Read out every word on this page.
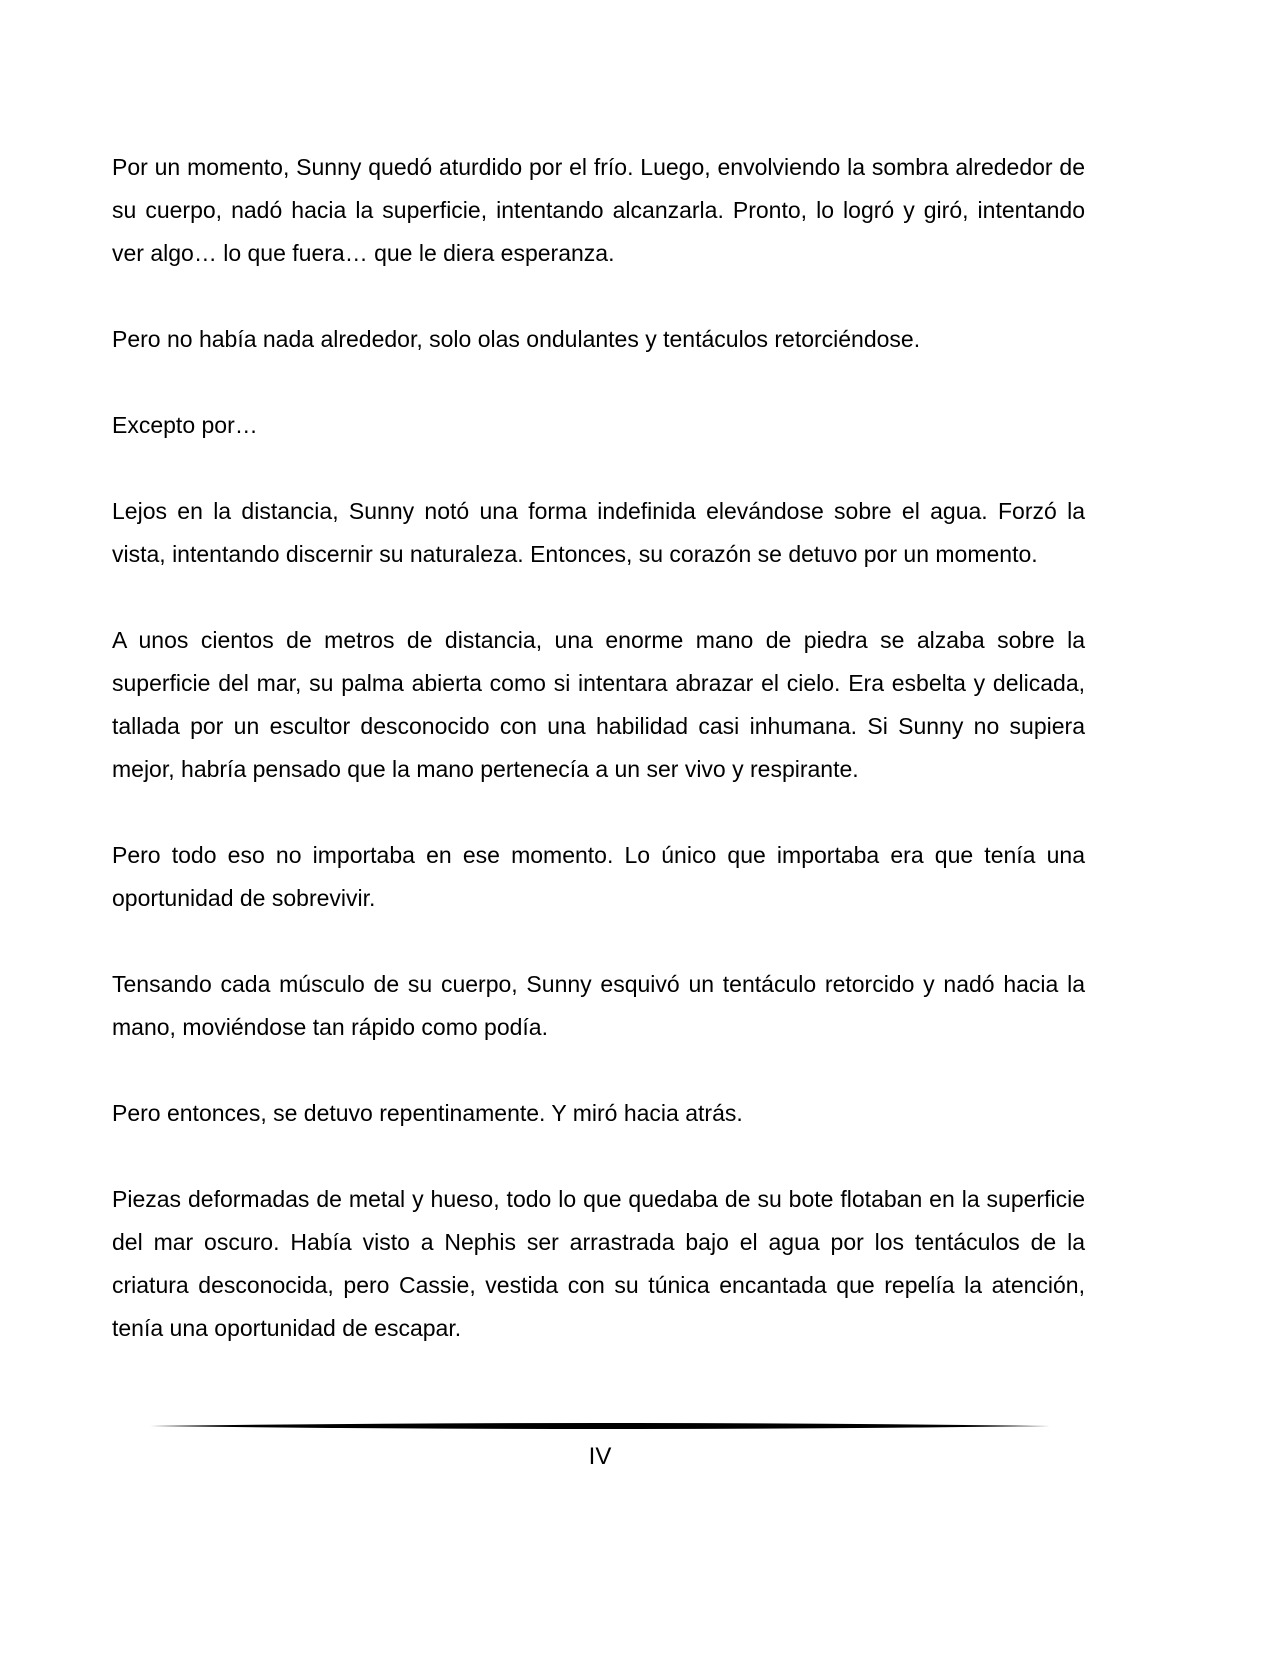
Por un momento, Sunny quedó aturdido por el frío. Luego, envolviendo la sombra alrededor de su cuerpo, nadó hacia la superficie, intentando alcanzarla. Pronto, lo logró y giró, intentando ver algo… lo que fuera… que le diera esperanza.

Pero no había nada alrededor, solo olas ondulantes y tentáculos retorciéndose.

Excepto por…

Lejos en la distancia, Sunny notó una forma indefinida elevándose sobre el agua. Forzó la vista, intentando discernir su naturaleza. Entonces, su corazón se detuvo por un momento.

A unos cientos de metros de distancia, una enorme mano de piedra se alzaba sobre la superficie del mar, su palma abierta como si intentara abrazar el cielo. Era esbelta y delicada, tallada por un escultor desconocido con una habilidad casi inhumana. Si Sunny no supiera mejor, habría pensado que la mano pertenecía a un ser vivo y respirante.

Pero todo eso no importaba en ese momento. Lo único que importaba era que tenía una oportunidad de sobrevivir.

Tensando cada músculo de su cuerpo, Sunny esquivó un tentáculo retorcido y nadó hacia la mano, moviéndose tan rápido como podía.

Pero entonces, se detuvo repentinamente. Y miró hacia atrás.

Piezas deformadas de metal y hueso, todo lo que quedaba de su bote flotaban en la superficie del mar oscuro. Había visto a Nephis ser arrastrada bajo el agua por los tentáculos de la criatura desconocida, pero Cassie, vestida con su túnica encantada que repelía la atención, tenía una oportunidad de escapar.

IV
